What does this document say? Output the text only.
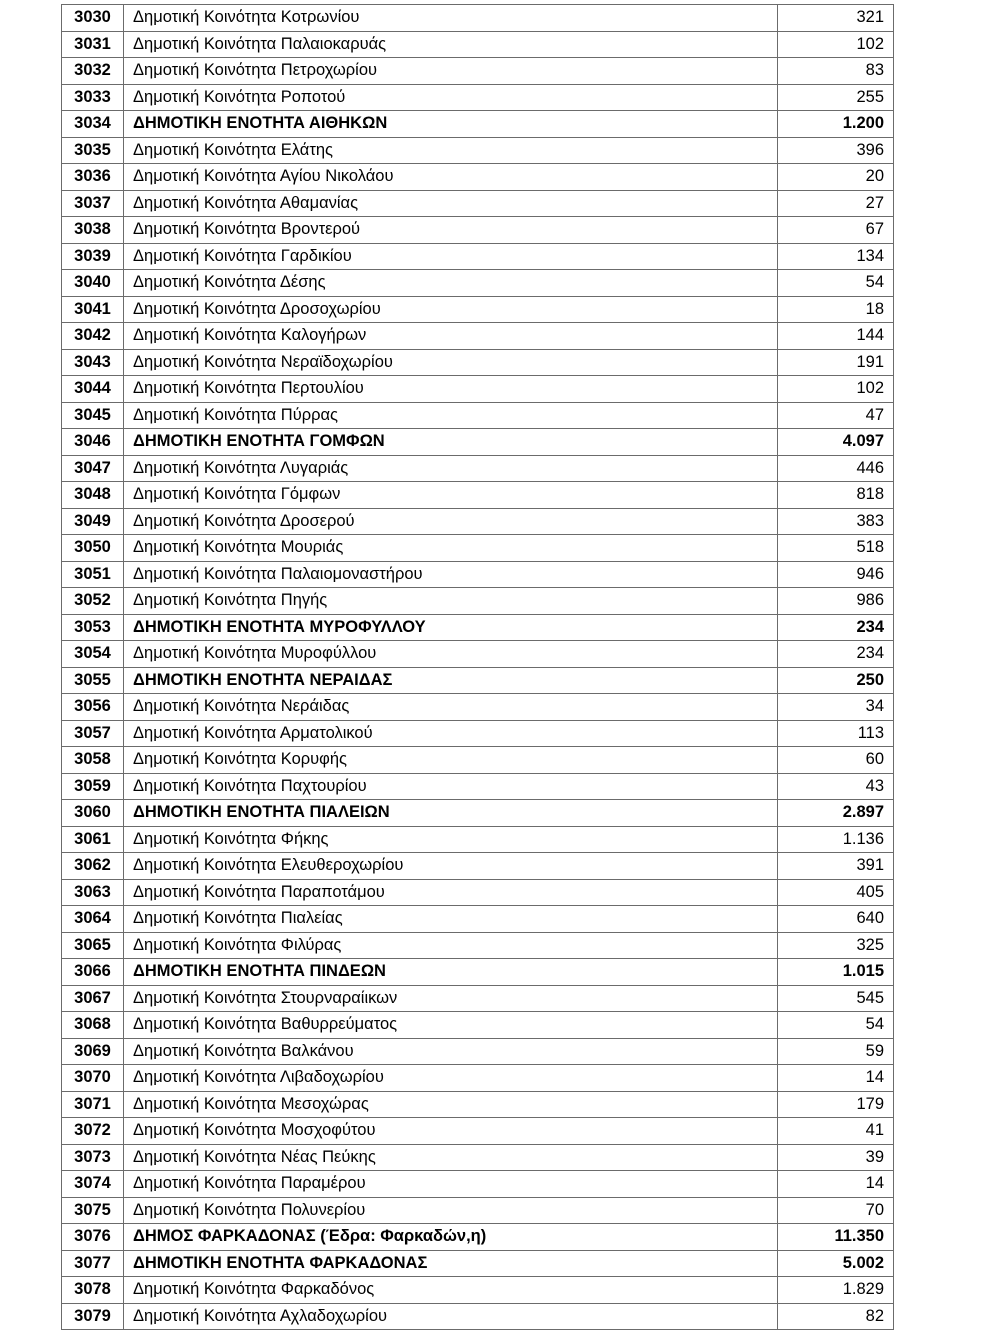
3030	Δημοτική Κοινότητα Κοτρωνίου	321
3031	Δημοτική Κοινότητα Παλαιοκαρυάς	102
3032	Δημοτική Κοινότητα Πετροχωρίου	83
3033	Δημοτική Κοινότητα Ροποτού	255
3034	ΔΗΜΟΤΙΚΗ ΕΝΟΤΗΤΑ ΑΙΘΗΚΩΝ	1.200
3035	Δημοτική Κοινότητα Ελάτης	396
3036	Δημοτική Κοινότητα Αγίου Νικολάου	20
3037	Δημοτική Κοινότητα Αθαμανίας	27
3038	Δημοτική Κοινότητα Βροντερού	67
3039	Δημοτική Κοινότητα Γαρδικίου	134
3040	Δημοτική Κοινότητα Δέσης	54
3041	Δημοτική Κοινότητα Δροσοχωρίου	18
3042	Δημοτική Κοινότητα Καλογήρων	144
3043	Δημοτική Κοινότητα Νεραϊδοχωρίου	191
3044	Δημοτική Κοινότητα Περτουλίου	102
3045	Δημοτική Κοινότητα Πύρρας	47
3046	ΔΗΜΟΤΙΚΗ ΕΝΟΤΗΤΑ ΓΟΜΦΩΝ	4.097
3047	Δημοτική Κοινότητα Λυγαριάς	446
3048	Δημοτική Κοινότητα Γόμφων	818
3049	Δημοτική Κοινότητα Δροσερού	383
3050	Δημοτική Κοινότητα Μουριάς	518
3051	Δημοτική Κοινότητα Παλαιομοναστήρου	946
3052	Δημοτική Κοινότητα Πηγής	986
3053	ΔΗΜΟΤΙΚΗ ΕΝΟΤΗΤΑ ΜΥΡΟΦΥΛΛΟΥ	234
3054	Δημοτική Κοινότητα Μυροφύλλου	234
3055	ΔΗΜΟΤΙΚΗ ΕΝΟΤΗΤΑ ΝΕΡΑΙΔΑΣ	250
3056	Δημοτική Κοινότητα Νεράιδας	34
3057	Δημοτική Κοινότητα Αρματολικού	113
3058	Δημοτική Κοινότητα Κορυφής	60
3059	Δημοτική Κοινότητα Παχτουρίου	43
3060	ΔΗΜΟΤΙΚΗ ΕΝΟΤΗΤΑ ΠΙΑΛΕΙΩΝ	2.897
3061	Δημοτική Κοινότητα Φήκης	1.136
3062	Δημοτική Κοινότητα Ελευθεροχωρίου	391
3063	Δημοτική Κοινότητα Παραποτάμου	405
3064	Δημοτική Κοινότητα Πιαλείας	640
3065	Δημοτική Κοινότητα Φιλύρας	325
3066	ΔΗΜΟΤΙΚΗ ΕΝΟΤΗΤΑ ΠΙΝΔΕΩΝ	1.015
3067	Δημοτική Κοινότητα Στουρναραίικων	545
3068	Δημοτική Κοινότητα Βαθυρρεύματος	54
3069	Δημοτική Κοινότητα Βαλκάνου	59
3070	Δημοτική Κοινότητα Λιβαδοχωρίου	14
3071	Δημοτική Κοινότητα Μεσοχώρας	179
3072	Δημοτική Κοινότητα Μοσχοφύτου	41
3073	Δημοτική Κοινότητα Νέας Πεύκης	39
3074	Δημοτική Κοινότητα Παραμέρου	14
3075	Δημοτική Κοινότητα Πολυνερίου	70
3076	ΔΗΜΟΣ ΦΑΡΚΑΔΟΝΑΣ (Έδρα: Φαρκαδών,η)	11.350
3077	ΔΗΜΟΤΙΚΗ ΕΝΟΤΗΤΑ ΦΑΡΚΑΔΟΝΑΣ	5.002
3078	Δημοτική Κοινότητα Φαρκαδόνος	1.829
3079	Δημοτική Κοινότητα Αχλαδοχωρίου	82
